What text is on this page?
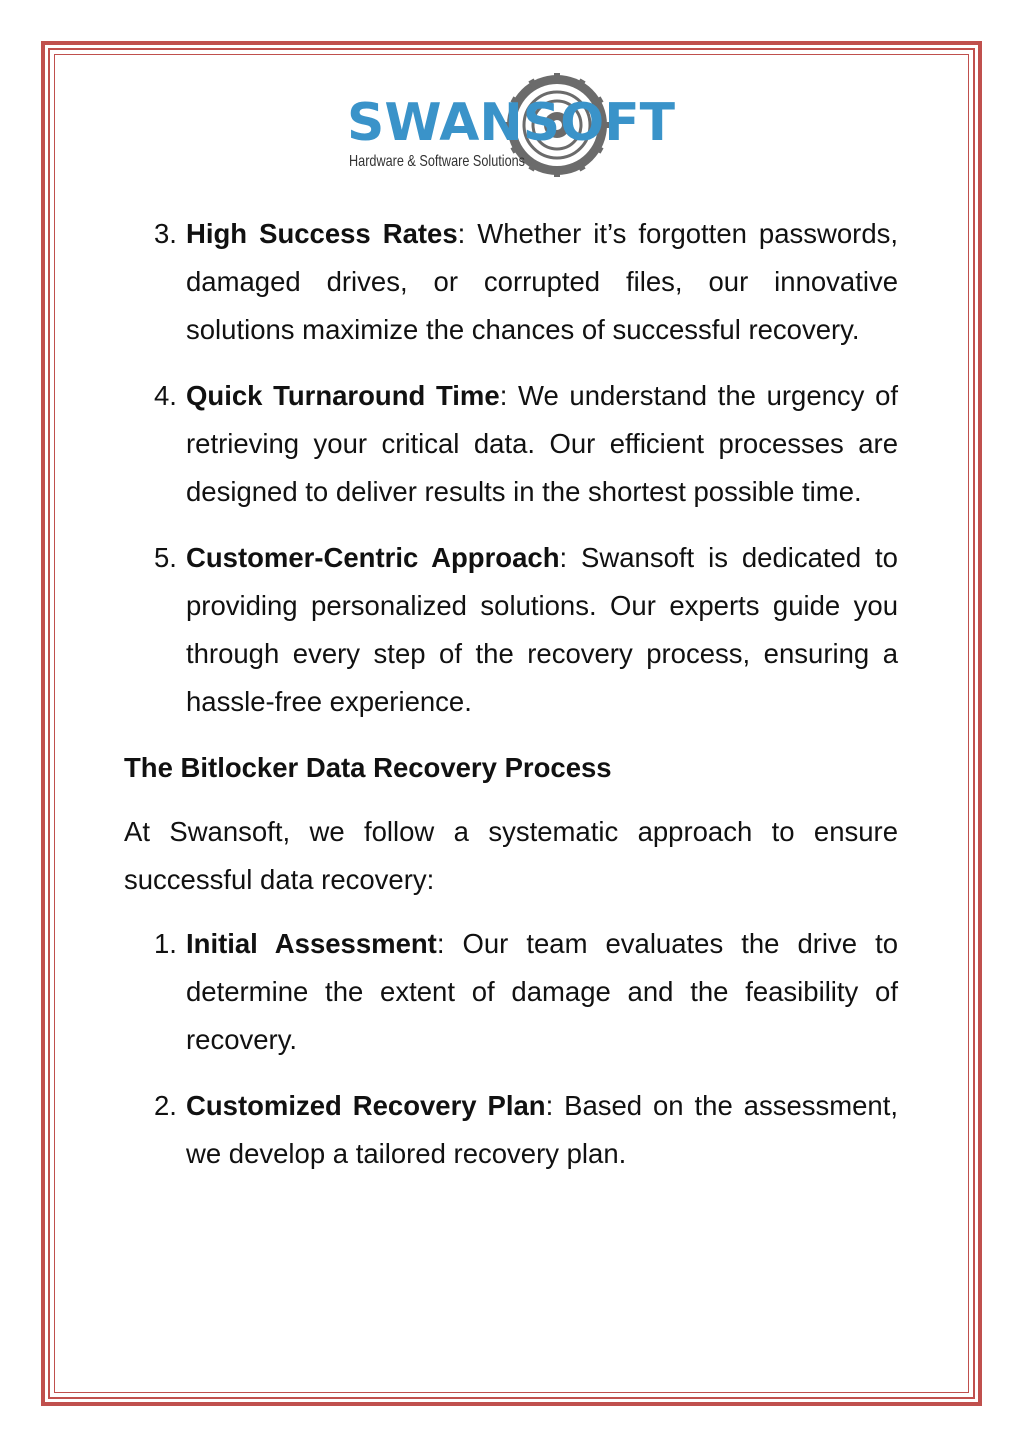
SWANSOFT
Hardware & Software Solutions
3. High Success Rates: Whether it’s forgotten passwords, damaged drives, or corrupted files, our innovative solutions maximize the chances of successful recovery.

4. Quick Turnaround Time: We understand the urgency of retrieving your critical data. Our efficient processes are designed to deliver results in the shortest possible time.

5. Customer-Centric Approach: Swansoft is dedicated to providing personalized solutions. Our experts guide you through every step of the recovery process, ensuring a hassle-free experience.

The Bitlocker Data Recovery Process

At Swansoft, we follow a systematic approach to ensure successful data recovery:

1. Initial Assessment: Our team evaluates the drive to determine the extent of damage and the feasibility of recovery.

2. Customized Recovery Plan: Based on the assessment, we develop a tailored recovery plan.
